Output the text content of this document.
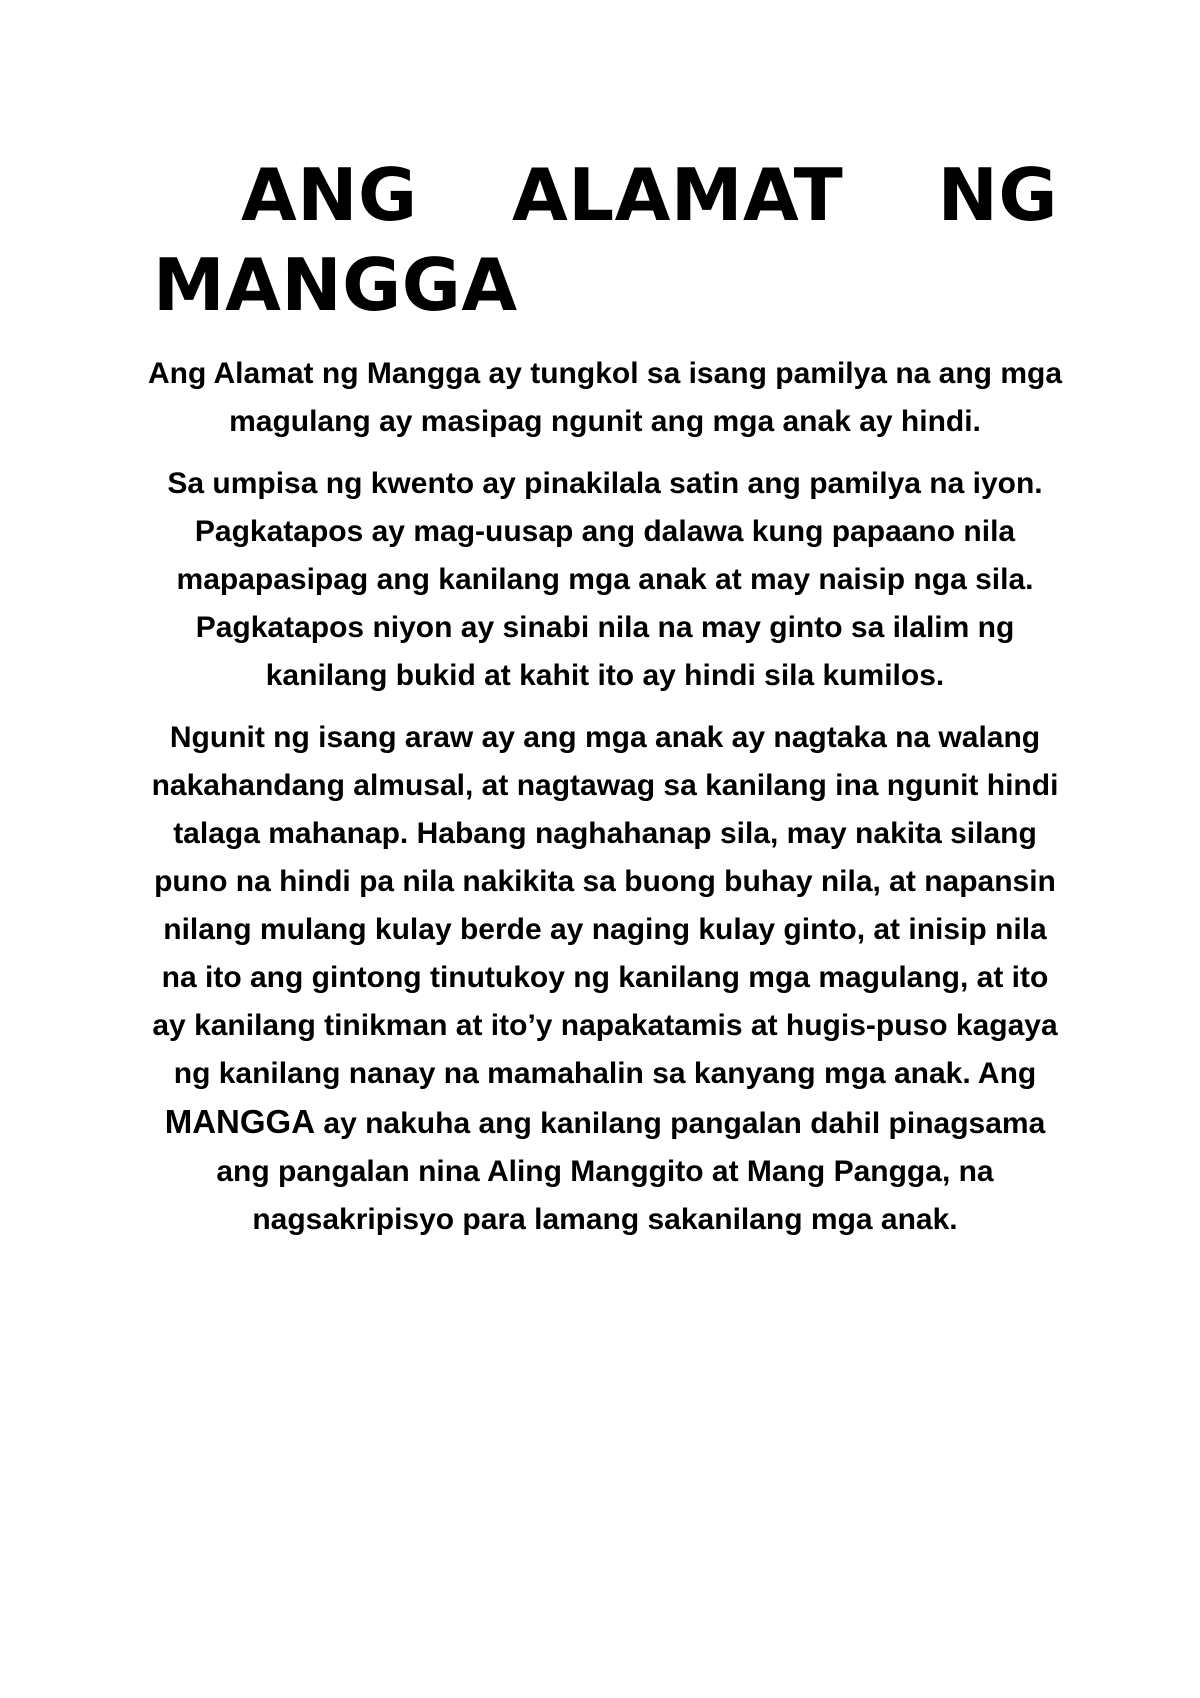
ANG ALAMAT NG MANGGA

Ang Alamat ng Mangga ay tungkol sa isang pamilya na ang mga magulang ay masipag ngunit ang mga anak ay hindi.

Sa umpisa ng kwento ay pinakilala satin ang pamilya na iyon. Pagkatapos ay mag-uusap ang dalawa kung papaano nila mapapasipag ang kanilang mga anak at may naisip nga sila. Pagkatapos niyon ay sinabi nila na may ginto sa ilalim ng kanilang bukid at kahit ito ay hindi sila kumilos.

Ngunit ng isang araw ay ang mga anak ay nagtaka na walang nakahandang almusal, at nagtawag sa kanilang ina ngunit hindi talaga mahanap. Habang naghahanap sila, may nakita silang puno na hindi pa nila nakikita sa buong buhay nila, at napansin nilang mulang kulay berde ay naging kulay ginto, at inisip nila na ito ang gintong tinutukoy ng kanilang mga magulang, at ito ay kanilang tinikman at ito’y napakatamis at hugis-puso kagaya ng kanilang nanay na mamahalin sa kanyang mga anak. Ang MANGGA ay nakuha ang kanilang pangalan dahil pinagsama ang pangalan nina Aling Manggito at Mang Pangga, na nagsakripisyo para lamang sakanilang mga anak.
